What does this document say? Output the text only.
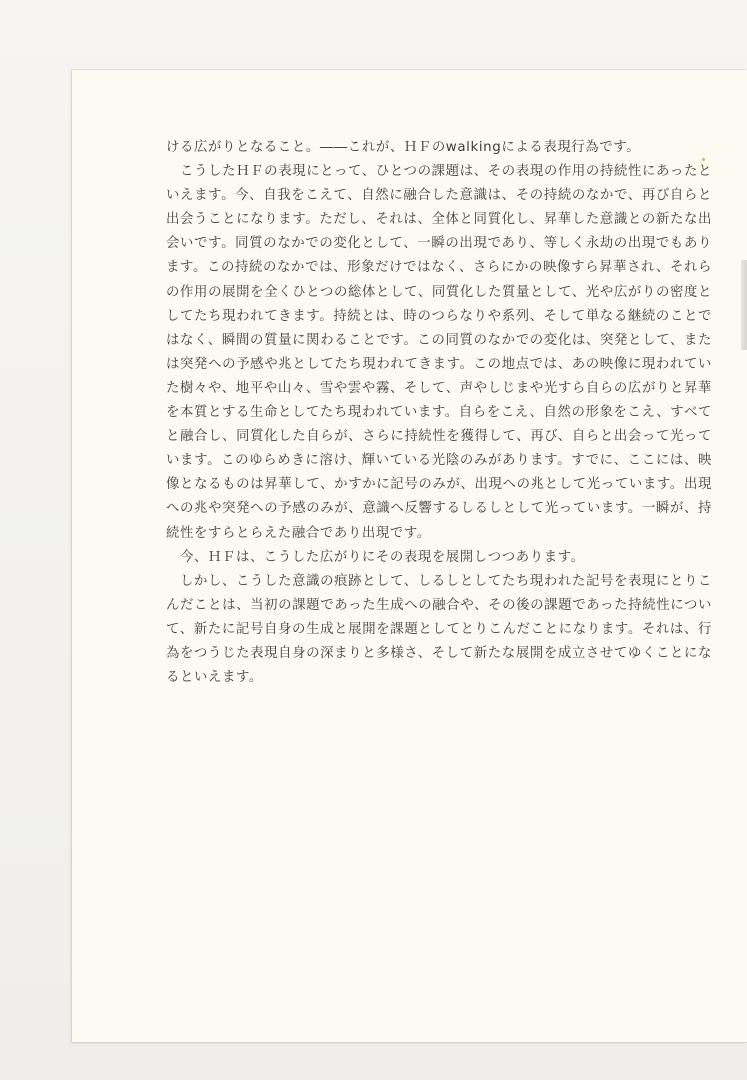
ける広がりとなること。――これが、ＨＦのwalkingによる表現行為です。

　こうしたＨＦの表現にとって、ひとつの課題は、その表現の作用の持続性にあったといえます。今、自我をこえて、自然に融合した意識は、その持続のなかで、再び自らと出会うことになります。ただし、それは、全体と同質化し、昇華した意識との新たな出会いです。同質のなかでの変化として、一瞬の出現であり、等しく永劫の出現でもあります。この持続のなかでは、形象だけではなく、さらにかの映像すら昇華され、それらの作用の展開を全くひとつの総体として、同質化した質量として、光や広がりの密度としてたち現われてきます。持続とは、時のつらなりや系列、そして単なる継続のことではなく、瞬間の質量に関わることです。この同質のなかでの変化は、突発として、または突発への予感や兆としてたち現われてきます。この地点では、あの映像に現われていた樹々や、地平や山々、雪や雲や霧、そして、声やしじまや光すら自らの広がりと昇華を本質とする生命としてたち現われています。自らをこえ、自然の形象をこえ、すべてと融合し、同質化した自らが、さらに持続性を獲得して、再び、自らと出会って光っています。このゆらめきに溶け、輝いている光陰のみがあります。すでに、ここには、映像となるものは昇華して、かすかに記号のみが、出現への兆として光っています。出現への兆や突発への予感のみが、意識へ反響するしるしとして光っています。一瞬が、持続性をすらとらえた融合であり出現です。

　今、ＨＦは、こうした広がりにその表現を展開しつつあります。

　しかし、こうした意識の痕跡として、しるしとしてたち現われた記号を表現にとりこんだことは、当初の課題であった生成への融合や、その後の課題であった持続性について、新たに記号自身の生成と展開を課題としてとりこんだことになります。それは、行為をつうじた表現自身の深まりと多様さ、そして新たな展開を成立させてゆくことになるといえます。
